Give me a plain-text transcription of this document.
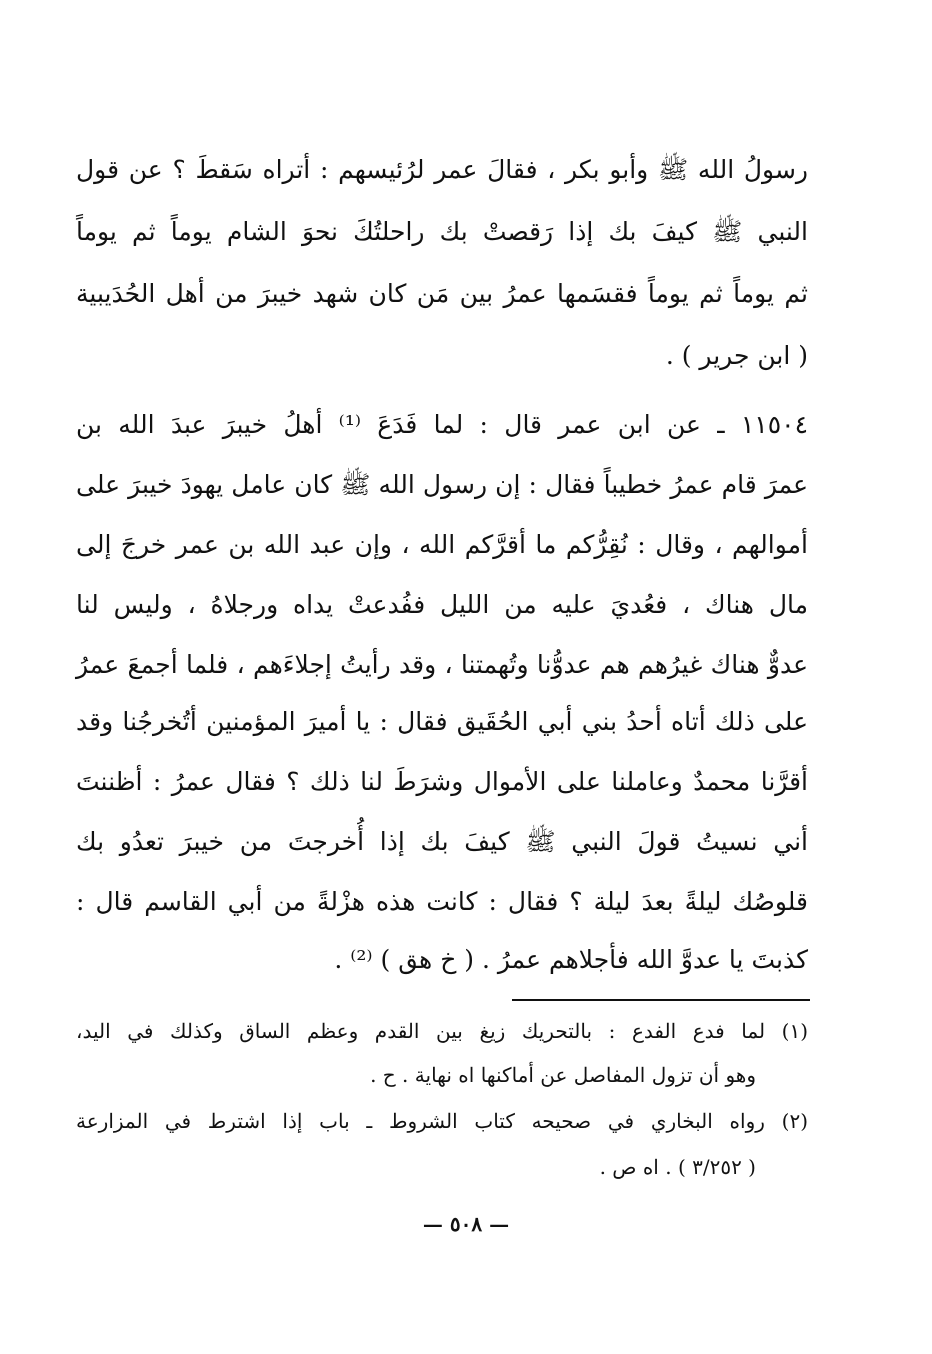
رسولُ الله ﷺ وأبو بكر ، فقالَ عمر لرُئيسهم : أتراه سَقطَ ؟ عن قول
النبي ﷺ كيفَ بك إذا رَقصتْ بك راحلتُكَ نحوَ الشام يوماً ثم يوماً
ثم يوماً ثم يوماً فقسَمها عمرُ بين مَن كان شهد خيبرَ من أهل الحُدَيبية
( ابن جرير ) .
١١٥٠٤ ـ عن ابن عمر قال : لما فَدَعَ ⁽¹⁾ أهلُ خيبرَ عبدَ الله بن
عمرَ قام عمرُ خطيباً فقال : إن رسول الله ﷺ كان عامل يهودَ خيبرَ على
أموالهم ، وقال : نُقِرُّكم ما أقرَّكم الله ، وإن عبد الله بن عمر خرجَ إلى
مال هناك ، فعُديَ عليه من الليل ففُدعتْ يداه ورجلاهُ ، وليس لنا
عدوٌّ هناك غيرُهم هم عدوُّنا وتُهمتنا ، وقد رأيتُ إجلاءَهم ، فلما أجمعَ عمرُ
على ذلك أتاه أحدُ بني أبي الحُقَيق فقال : يا أميرَ المؤمنين أتُخرجُنا وقد
أقرَّنا محمدٌ وعاملنا على الأموال وشرَطَ لنا ذلك ؟ فقال عمرُ : أظننتَ
أني نسيتُ قولَ النبي ﷺ كيفَ بك إذا أُخرجتَ من خيبرَ تعدُو بك
قلوصُك ليلةً بعدَ ليلة ؟ فقال : كانت هذه هزْلةً من أبي القاسم قال :
كذبتَ يا عدوَّ الله فأجلاهم عمرُ . ( خ هق ) ⁽²⁾ .
(١) لما فدع الفدع : بالتحريك زيغ بين القدم وعظم الساق وكذلك في اليد،
وهو أن تزول المفاصل عن أماكنها اه نهاية . ح .
(٢) رواه البخاري في صحيحه كتاب الشروط ـ باب إذا اشترط في المزارعة
( ٣/٢٥٢ ) . اه ص .
— ٥٠٨ —
